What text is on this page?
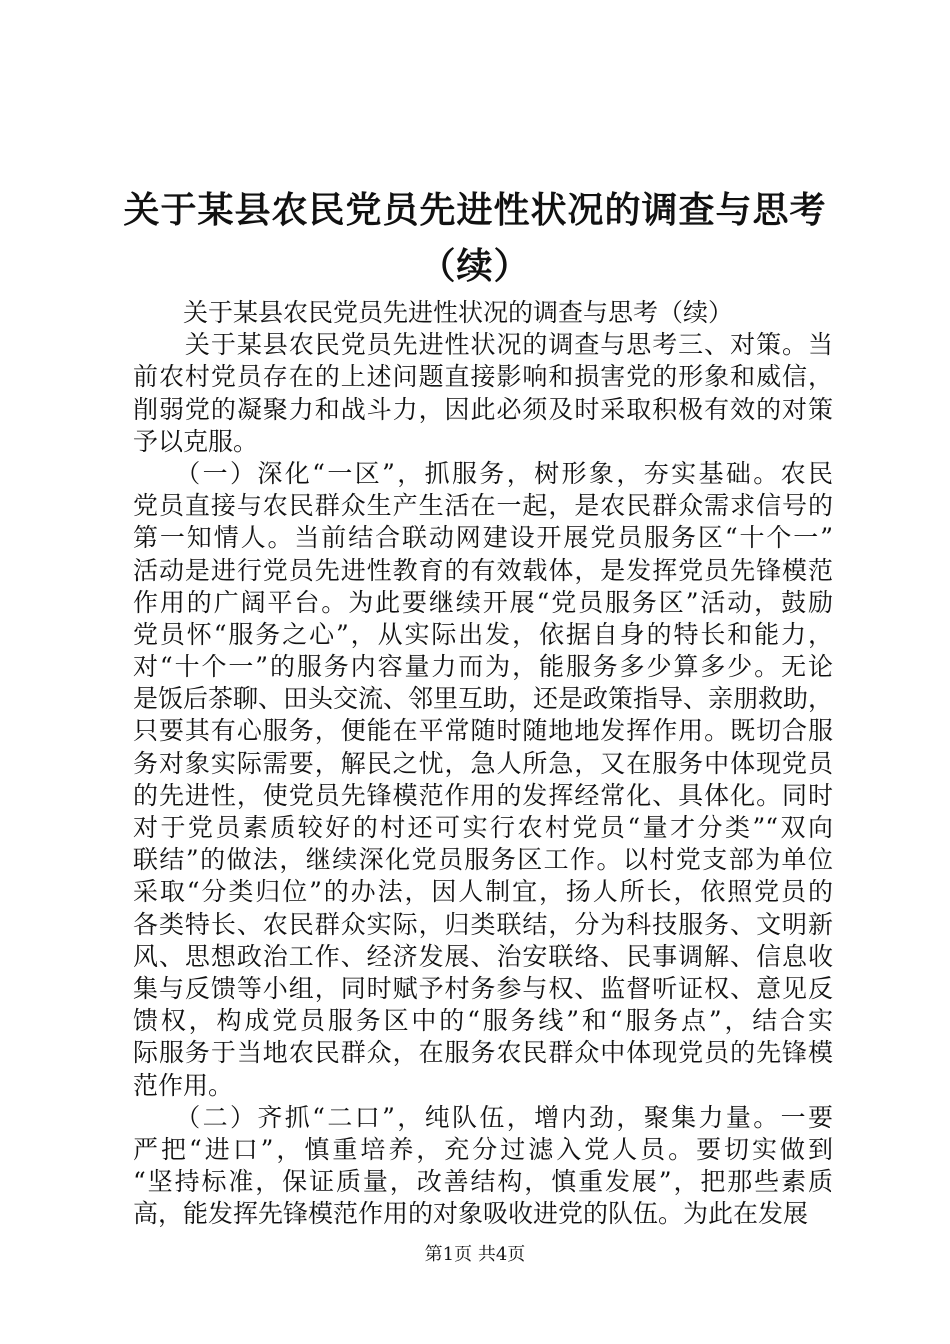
关于某县农民党员先进性状况的调查与思考
（续）
　　关于某县农民党员先进性状况的调查与思考（续）
　　关于某县农民党员先进性状况的调查与思考三、对策。当
前农村党员存在的上述问题直接影响和损害党的形象和威信，
削弱党的凝聚力和战斗力，因此必须及时采取积极有效的对策
予以克服。
　　（一）深化“一区”，抓服务，树形象，夯实基础。农民
党员直接与农民群众生产生活在一起，是农民群众需求信号的
第一知情人。当前结合联动网建设开展党员服务区“十个一”
活动是进行党员先进性教育的有效载体，是发挥党员先锋模范
作用的广阔平台。为此要继续开展“党员服务区”活动，鼓励
党员怀“服务之心”，从实际出发，依据自身的特长和能力，
对“十个一”的服务内容量力而为，能服务多少算多少。无论
是饭后茶聊、田头交流、邻里互助，还是政策指导、亲朋救助，
只要其有心服务，便能在平常随时随地地发挥作用。既切合服
务对象实际需要，解民之忧，急人所急，又在服务中体现党员
的先进性，使党员先锋模范作用的发挥经常化、具体化。同时
对于党员素质较好的村还可实行农村党员“量才分类”“双向
联结”的做法，继续深化党员服务区工作。以村党支部为单位
采取“分类归位”的办法，因人制宜，扬人所长，依照党员的
各类特长、农民群众实际，归类联结，分为科技服务、文明新
风、思想政治工作、经济发展、治安联络、民事调解、信息收
集与反馈等小组，同时赋予村务参与权、监督听证权、意见反
馈权，构成党员服务区中的“服务线”和“服务点”，结合实
际服务于当地农民群众，在服务农民群众中体现党员的先锋模
范作用。
　　（二）齐抓“二口”，纯队伍，增内劲，聚集力量。一要
严把“进口”，慎重培养，充分过滤入党人员。要切实做到
“坚持标准，保证质量，改善结构，慎重发展”，把那些素质
高，能发挥先锋模范作用的对象吸收进党的队伍。为此在发展
第1页 共4页
